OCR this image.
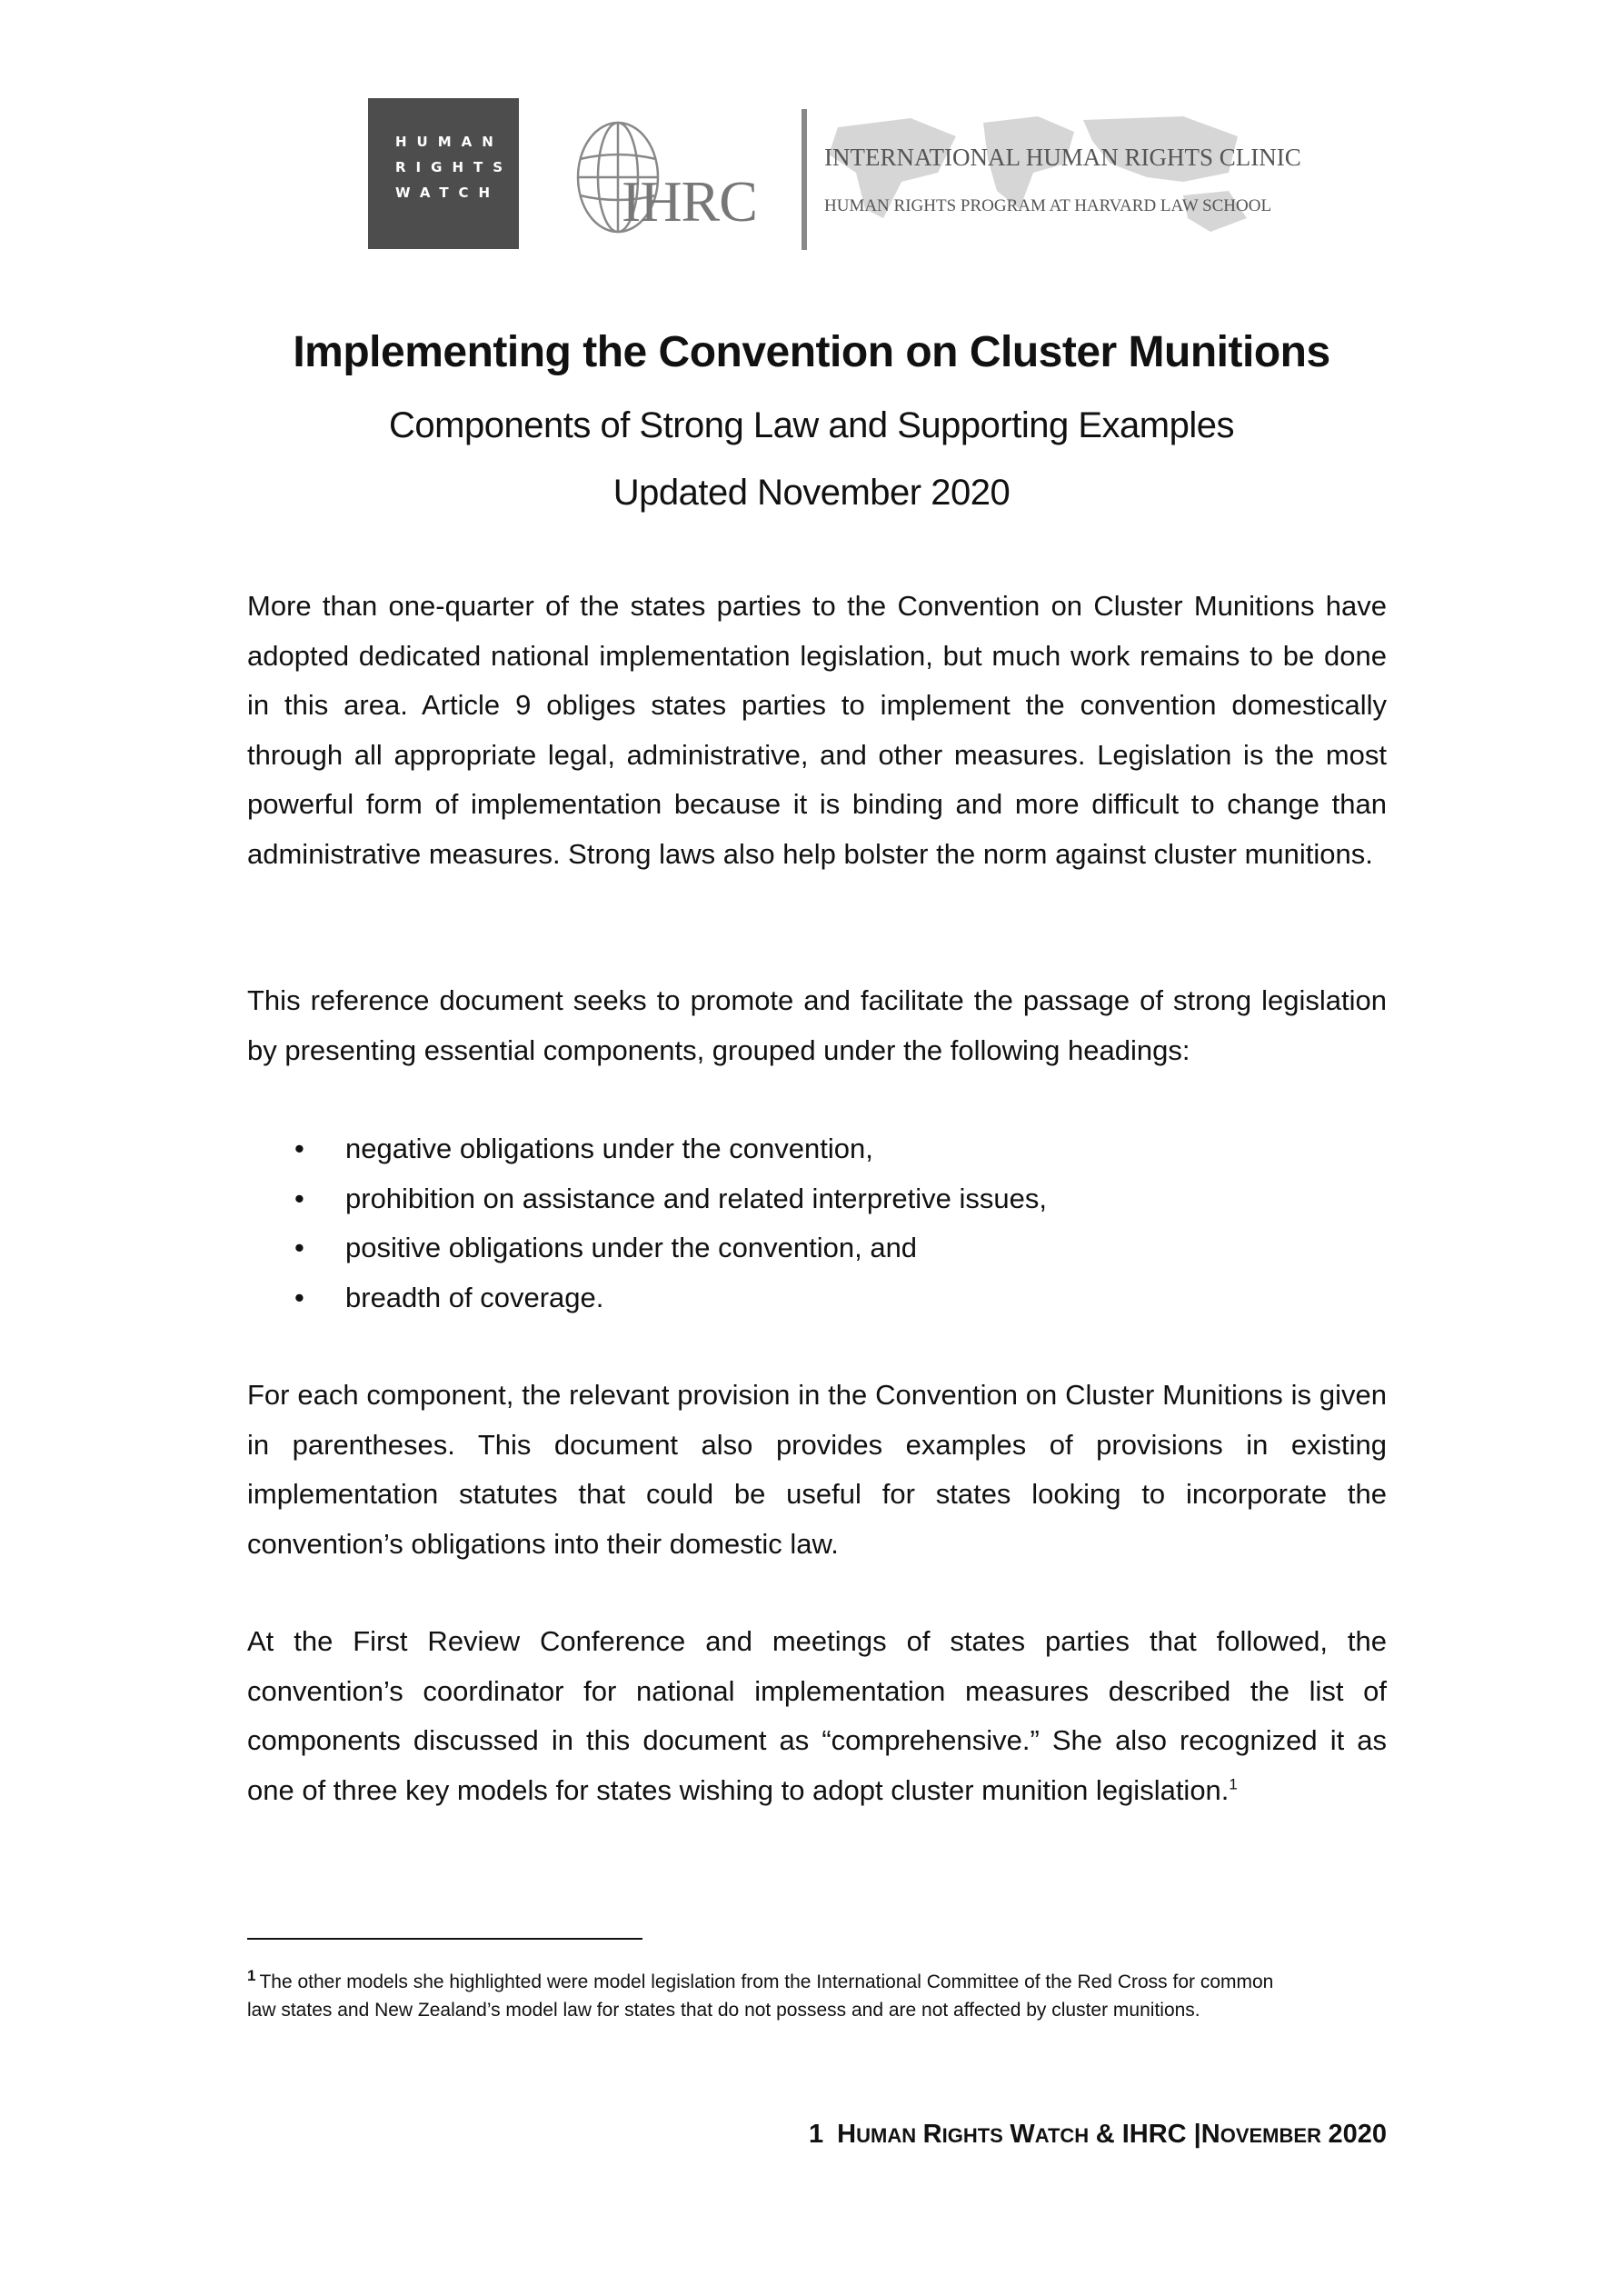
HUMAN
RIGHTS
WATCH	IHRC
INTERNATIONAL HUMAN RIGHTS CLINIC
HUMAN RIGHTS PROGRAM AT HARVARD LAW SCHOOL
Implementing the Convention on Cluster Munitions
Components of Strong Law and Supporting Examples
Updated November 2020

More than one-quarter of the states parties to the Convention on Cluster Munitions have adopted dedicated national implementation legislation, but much work remains to be done in this area. Article 9 obliges states parties to implement the convention domestically through all appropriate legal, administrative, and other measures. Legislation is the most powerful form of implementation because it is binding and more difficult to change than administrative measures. Strong laws also help bolster the norm against cluster munitions.

This reference document seeks to promote and facilitate the passage of strong legislation by presenting essential components, grouped under the following headings:

• negative obligations under the convention,
• prohibition on assistance and related interpretive issues,
• positive obligations under the convention, and
• breadth of coverage.

For each component, the relevant provision in the Convention on Cluster Munitions is given in parentheses. This document also provides examples of provisions in existing implementation statutes that could be useful for states looking to incorporate the convention’s obligations into their domestic law.

At the First Review Conference and meetings of states parties that followed, the convention’s coordinator for national implementation measures described the list of components discussed in this document as “comprehensive.” She also recognized it as one of three key models for states wishing to adopt cluster munition legislation.$^1$

$^1$ The other models she highlighted were model legislation from the International Committee of the Red Cross for common law states and New Zealand’s model law for states that do not possess and are not affected by cluster munitions.

1 HUMAN RIGHTS WATCH & IHRC |NOVEMBER 2020
